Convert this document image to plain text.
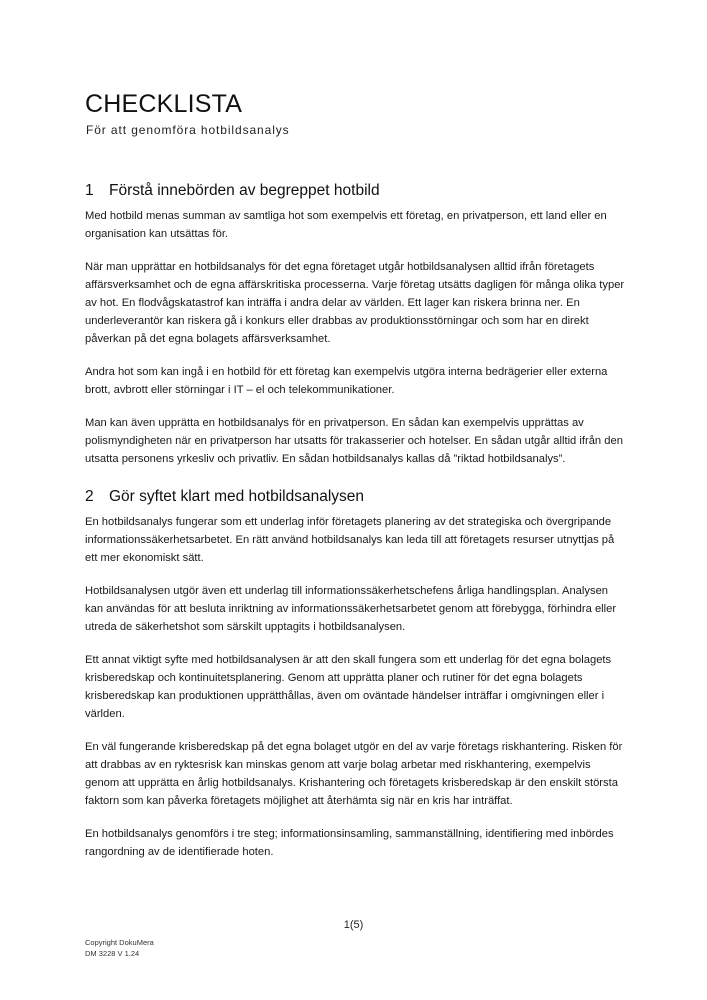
CHECKLISTA

För att genomföra hotbildsanalys

1 Förstå innebörden av begreppet hotbild

Med hotbild menas summan av samtliga hot som exempelvis ett företag, en privatperson, ett land eller en organisation kan utsättas för.

När man upprättar en hotbildsanalys för det egna företaget utgår hotbildsanalysen alltid ifrån företagets affärsverksamhet och de egna affärskritiska processerna. Varje företag utsätts dagligen för många olika typer av hot. En flodvågskatastrof kan inträffa i andra delar av världen. Ett lager kan riskera brinna ner. En underleverantör kan riskera gå i konkurs eller drabbas av produktionsstörningar och som har en direkt påverkan på det egna bolagets affärsverksamhet.

Andra hot som kan ingå i en hotbild för ett företag kan exempelvis utgöra interna bedrägerier eller externa brott, avbrott eller störningar i IT – el och telekommunikationer.

Man kan även upprätta en hotbildsanalys för en privatperson. En sådan kan exempelvis upprättas av polismyndigheten när en privatperson har utsatts för trakasserier och hotelser. En sådan utgår alltid ifrån den utsatta personens yrkesliv och privatliv. En sådan hotbildsanalys kallas då ”riktad hotbildsanalys”.

2 Gör syftet klart med hotbildsanalysen

En hotbildsanalys fungerar som ett underlag inför företagets planering av det strategiska och övergripande informationssäkerhetsarbetet. En rätt använd hotbildsanalys kan leda till att företagets resurser utnyttjas på ett mer ekonomiskt sätt.

Hotbildsanalysen utgör även ett underlag till informationssäkerhetschefens årliga handlingsplan. Analysen kan användas för att besluta inriktning av informationssäkerhetsarbetet genom att förebygga, förhindra eller utreda de säkerhetshot som särskilt upptagits i hotbildsanalysen.

Ett annat viktigt syfte med hotbildsanalysen är att den skall fungera som ett underlag för det egna bolagets krisberedskap och kontinuitetsplanering. Genom att upprätta planer och rutiner för det egna bolagets krisberedskap kan produktionen upprätthållas, även om oväntade händelser inträffar i omgivningen eller i världen.

En väl fungerande krisberedskap på det egna bolaget utgör en del av varje företags riskhantering. Risken för att drabbas av en ryktesrisk kan minskas genom att varje bolag arbetar med riskhantering, exempelvis genom att upprätta en årlig hotbildsanalys. Krishantering och företagets krisberedskap är den enskilt största faktorn som kan påverka företagets möjlighet att återhämta sig när en kris har inträffat.

En hotbildsanalys genomförs i tre steg; informationsinsamling, sammanställning, identifiering med inbördes rangordning av de identifierade hoten.

1(5)
Copyright DokuMera
DM 3228 V 1.24
